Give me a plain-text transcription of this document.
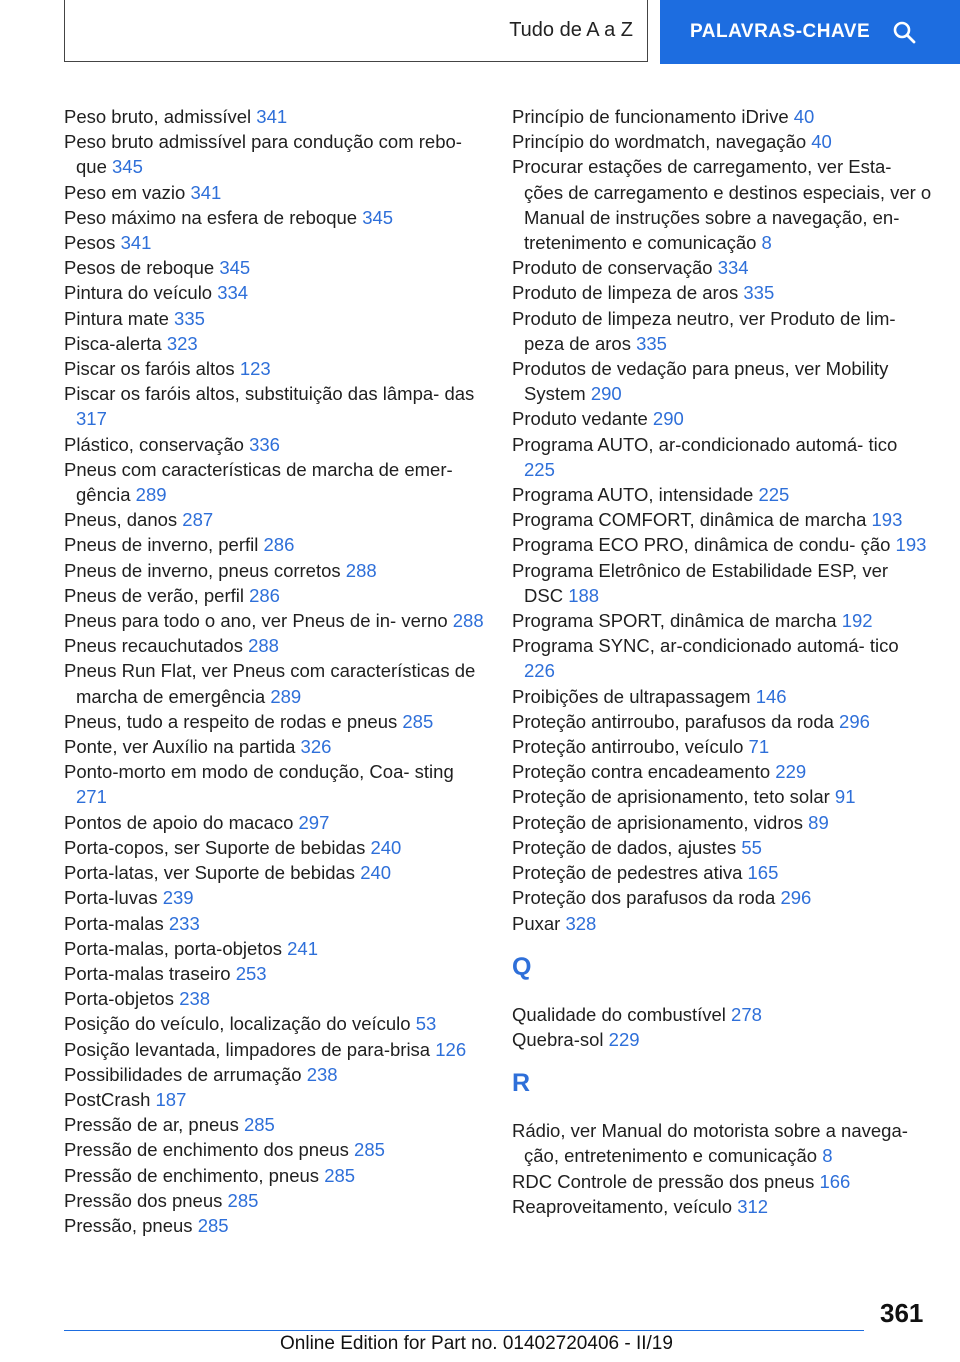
Tudo de A a Z	PALAVRAS-CHAVE
Peso bruto, admissível 341
Peso bruto admissível para condução com rebo- que 345
Peso em vazio 341
Peso máximo na esfera de reboque 345
Pesos 341
Pesos de reboque 345
Pintura do veículo 334
Pintura mate 335
Pisca-alerta 323
Piscar os faróis altos 123
Piscar os faróis altos, substituição das lâmpa- das 317
Plástico, conservação 336
Pneus com características de marcha de emer- gência 289
Pneus, danos 287
Pneus de inverno, perfil 286
Pneus de inverno, pneus corretos 288
Pneus de verão, perfil 286
Pneus para todo o ano, ver Pneus de in- verno 288
Pneus recauchutados 288
Pneus Run Flat, ver Pneus com características de marcha de emergência 289
Pneus, tudo a respeito de rodas e pneus 285
Ponte, ver Auxílio na partida 326
Ponto-morto em modo de condução, Coa- sting 271
Pontos de apoio do macaco 297
Porta-copos, ser Suporte de bebidas 240
Porta-latas, ver Suporte de bebidas 240
Porta-luvas 239
Porta-malas 233
Porta-malas, porta-objetos 241
Porta-malas traseiro 253
Porta-objetos 238
Posição do veículo, localização do veículo 53
Posição levantada, limpadores de para-brisa 126
Possibilidades de arrumação 238
PostCrash 187
Pressão de ar, pneus 285
Pressão de enchimento dos pneus 285
Pressão de enchimento, pneus 285
Pressão dos pneus 285
Pressão, pneus 285
Princípio de funcionamento iDrive 40
Princípio do wordmatch, navegação 40
Procurar estações de carregamento, ver Esta- ções de carregamento e destinos especiais, ver o Manual de instruções sobre a navegação, en- tretenimento e comunicação 8
Produto de conservação 334
Produto de limpeza de aros 335
Produto de limpeza neutro, ver Produto de lim- peza de aros 335
Produtos de vedação para pneus, ver Mobility System 290
Produto vedante 290
Programa AUTO, ar-condicionado automá- tico 225
Programa AUTO, intensidade 225
Programa COMFORT, dinâmica de marcha 193
Programa ECO PRO, dinâmica de condu- ção 193
Programa Eletrônico de Estabilidade ESP, ver DSC 188
Programa SPORT, dinâmica de marcha 192
Programa SYNC, ar-condicionado automá- tico 226
Proibições de ultrapassagem 146
Proteção antirroubo, parafusos da roda 296
Proteção antirroubo, veículo 71
Proteção contra encadeamento 229
Proteção de aprisionamento, teto solar 91
Proteção de aprisionamento, vidros 89
Proteção de dados, ajustes 55
Proteção de pedestres ativa 165
Proteção dos parafusos da roda 296
Puxar 328
Q
Qualidade do combustível 278
Quebra-sol 229
R
Rádio, ver Manual do motorista sobre a navega- ção, entretenimento e comunicação 8
RDC Controle de pressão dos pneus 166
Reaproveitamento, veículo 312
361
Online Edition for Part no. 01402720406 - II/19
